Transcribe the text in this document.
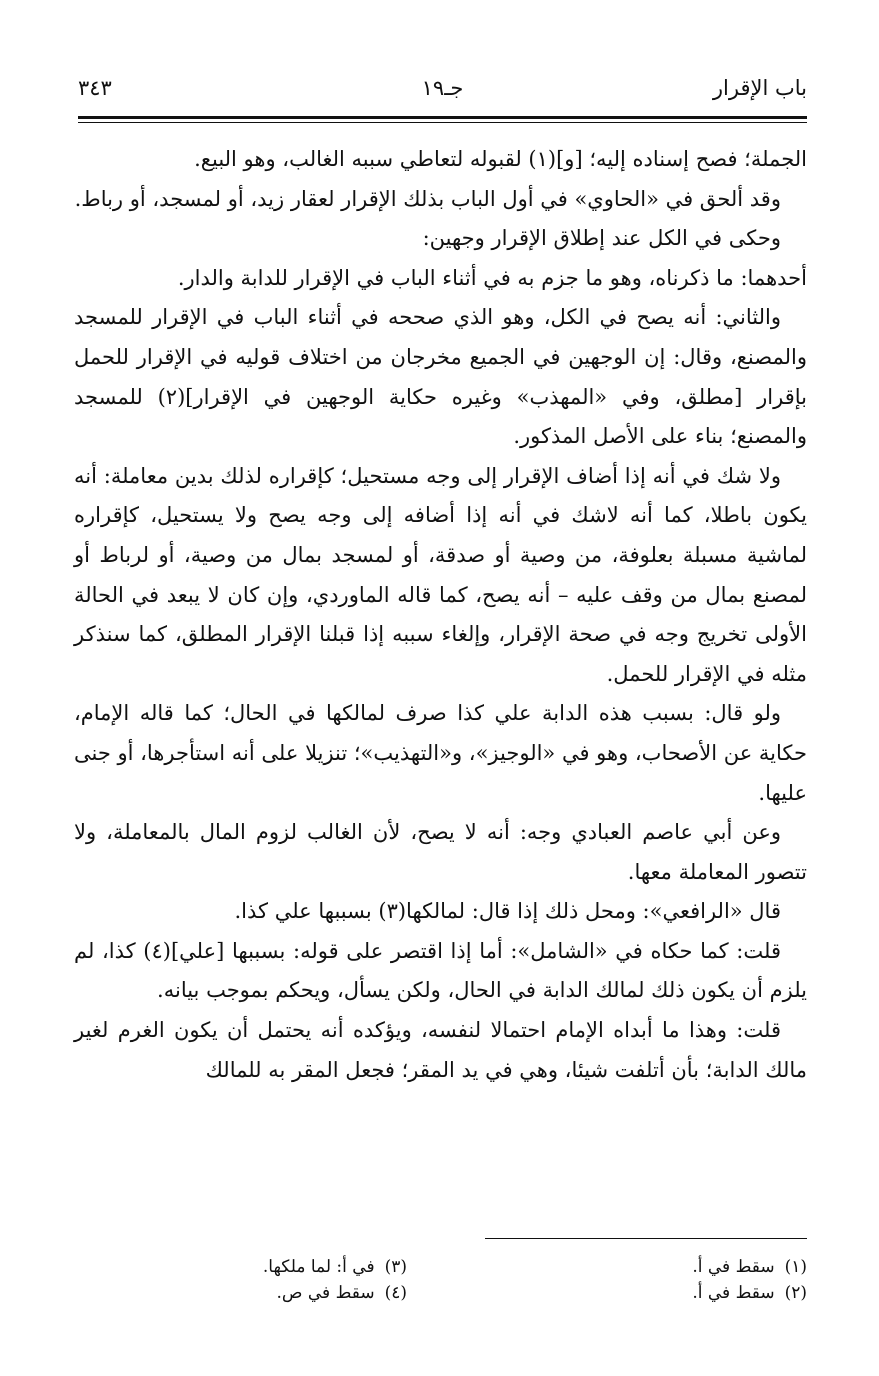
باب الإقرار
جـ١٩
٣٤٣

الجملة؛ فصح إسناده إليه؛ [و](١) لقبوله لتعاطي سببه الغالب، وهو البيع.

وقد ألحق في «الحاوي» في أول الباب بذلك الإقرار لعقار زيد، أو لمسجد، أو رباط.

وحكى في الكل عند إطلاق الإقرار وجهين:

أحدهما: ما ذكرناه، وهو ما جزم به في أثناء الباب في الإقرار للدابة والدار.

والثاني: أنه يصح في الكل، وهو الذي صححه في أثناء الباب في الإقرار للمسجد والمصنع، وقال: إن الوجهين في الجميع مخرجان من اختلاف قوليه في الإقرار للحمل بإقرار [مطلق، وفي «المهذب» وغيره حكاية الوجهين في الإقرار](٢) للمسجد والمصنع؛ بناء على الأصل المذكور.

ولا شك في أنه إذا أضاف الإقرار إلى وجه مستحيل؛ كإقراره لذلك بدين معاملة: أنه يكون باطلا، كما أنه لاشك في أنه إذا أضافه إلى وجه يصح ولا يستحيل، كإقراره لماشية مسبلة بعلوفة، من وصية أو صدقة، أو لمسجد بمال من وصية، أو لرباط أو لمصنع بمال من وقف عليه – أنه يصح، كما قاله الماوردي، وإن كان لا يبعد في الحالة الأولى تخريج وجه في صحة الإقرار، وإلغاء سببه إذا قبلنا الإقرار المطلق، كما سنذكر مثله في الإقرار للحمل.

ولو قال: بسبب هذه الدابة علي كذا صرف لمالكها في الحال؛ كما قاله الإمام، حكاية عن الأصحاب، وهو في «الوجيز»، و«التهذيب»؛ تنزيلا على أنه استأجرها، أو جنى عليها.

وعن أبي عاصم العبادي وجه: أنه لا يصح، لأن الغالب لزوم المال بالمعاملة، ولا تتصور المعاملة معها.

قال «الرافعي»: ومحل ذلك إذا قال: لمالكها(٣) بسببها علي كذا.

قلت: كما حكاه في «الشامل»: أما إذا اقتصر على قوله: بسببها [علي](٤) كذا، لم يلزم أن يكون ذلك لمالك الدابة في الحال، ولكن يسأل، ويحكم بموجب بيانه.

قلت: وهذا ما أبداه الإمام احتمالا لنفسه، ويؤكده أنه يحتمل أن يكون الغرم لغير مالك الدابة؛ بأن أتلفت شيئا، وهي في يد المقر؛ فجعل المقر به للمالك

(١)سقط في أ.
(٢)سقط في أ.
(٣)في أ: لما ملكها.
(٤)سقط في ص.
